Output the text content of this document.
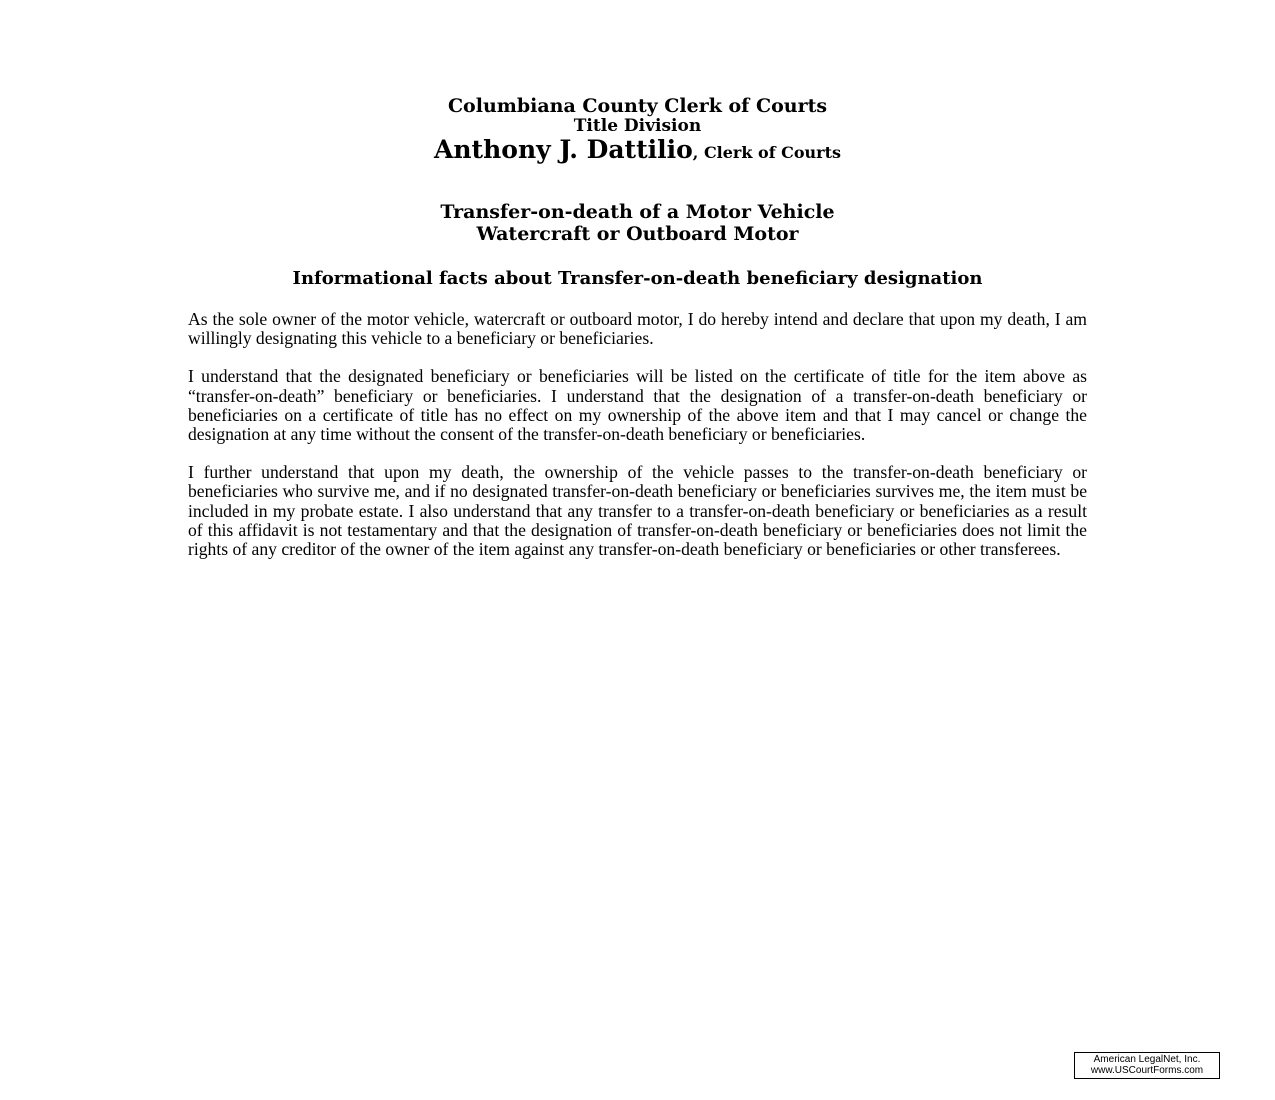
Columbiana County Clerk of Courts
Title Division
Anthony J. Dattilio, Clerk of Courts
Transfer-on-death of a Motor Vehicle
Watercraft or Outboard Motor
Informational facts about Transfer-on-death beneficiary designation

As the sole owner of the motor vehicle, watercraft or outboard motor, I do hereby intend and declare that upon my death, I am willingly designating this vehicle to a beneficiary or beneficiaries.

I understand that the designated beneficiary or beneficiaries will be listed on the certificate of title for the item above as “transfer-on-death” beneficiary or beneficiaries. I understand that the designation of a transfer-on-death beneficiary or beneficiaries on a certificate of title has no effect on my ownership of the above item and that I may cancel or change the designation at any time without the consent of the transfer-on-death beneficiary or beneficiaries.

I further understand that upon my death, the ownership of the vehicle passes to the transfer-on-death beneficiary or beneficiaries who survive me, and if no designated transfer-on-death beneficiary or beneficiaries survives me, the item must be included in my probate estate. I also understand that any transfer to a transfer-on-death beneficiary or beneficiaries as a result of this affidavit is not testamentary and that the designation of transfer-on-death beneficiary or beneficiaries does not limit the rights of any creditor of the owner of the item against any transfer-on-death beneficiary or beneficiaries or other transferees.

American LegalNet, Inc.
www.USCourtForms.com
